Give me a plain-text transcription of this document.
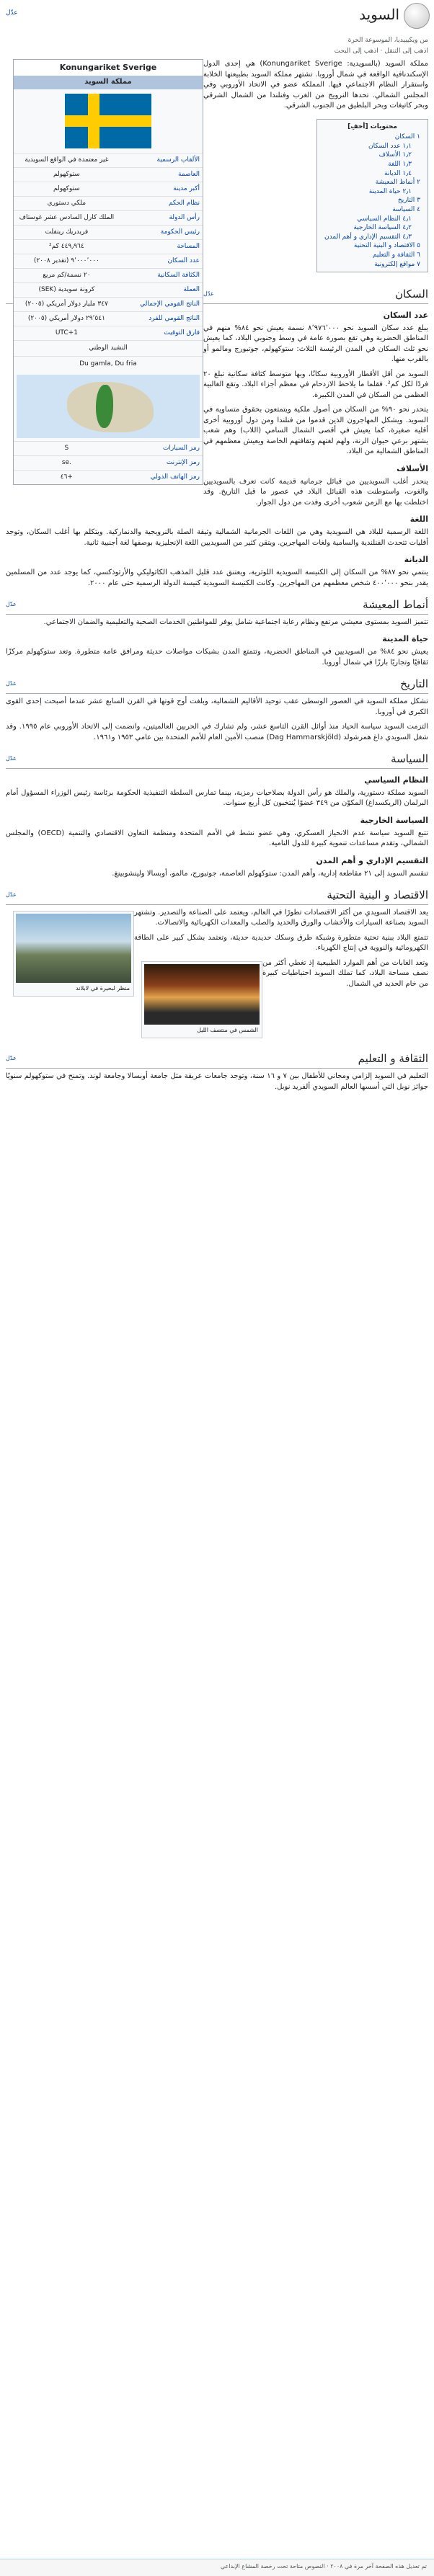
السويد
عدّل
من ويكيبيديا، الموسوعة الحرة
اذهب إلى التنقل · اذهب إلى البحث
Konungariket Sverige
مملكة السويد
الألقاب الرسمية	غير معتمدة في الواقع السويدية
العاصمة	ستوكهولم
أكبر مدينة	ستوكهولم
نظام الحكم	ملكي دستوري
رأس الدولة	الملك كارل السادس عشر غوستاف
رئيس الحكومة	فريدريك رينفلت
المساحة	٤٤٩٫٩٦٤ كم²
عدد السكان	٩٬٠٠٠٬٠٠٠ (تقدير ٢٠٠٨)
الكثافة السكانية	٢٠ نسمة/كم مربع
العملة	كرونة سويدية (SEK)
الناتج القومي الإجمالي	٣٤٧ مليار دولار أمريكي (٢٠٠٥)
الناتج القومي للفرد	٢٩٬٥٤١ دولار أمريكي (٢٠٠٥)
فارق التوقيت	UTC+1
النشيد الوطني
Du gamla, Du fria
رمز السيارات	S
رمز الإنترنت	.se
رمز الهاتف الدولي	+٤٦

مملكة السويد (بالسويدية: Konungariket Sverige) هي إحدى الدول الإسكندنافية الواقعة في شمال أوروبا. تشتهر مملكة السويد بطبيعتها الخلابة واستقرار النظام الاجتماعي فيها. المملكة عضو في الاتحاد الأوروبي وفي المجلس الشمالي. تحدها النرويج من الغرب وفنلندا من الشمال الشرقي وبحر كاتيغات وبحر البلطيق من الجنوب الشرقي.

محتويات [أخفِ]
١ السكان
١٫١ عدد السكان
١٫٢ الأسلاف
١٫٣ اللغة
١٫٤ الديانة
٢ أنماط المعيشة
٢٫١ حياة المدينة
٣ التاريخ
٤ السياسة
٤٫١ النظام السياسي
٤٫٢ السياسة الخارجية
٤٫٣ التقسيم الإداري و أهم المدن
٥ الاقتصاد و البنية التحتية
٦ الثقافة و التعليم
٧ مواقع إلكترونية
السكان
عدّل
عدد السكان

يبلغ عدد سكان السويد نحو ٨٬٩٧٦٬٠٠٠ نسمة يعيش نحو ٨٤% منهم في المناطق الحضرية وهي تقع بصورة عامة في وسط وجنوبي البلاد، كما يعيش نحو ثلث السكان في المدن الرئيسة الثلاث: ستوكهولم، جوتبورج ومالمو أو بالقرب منها.

السويد من أقل الأقطار الأوروبية سكانًا، وبها متوسط كثافة سكانية تبلغ ٢٠ فردًا لكل كم². فقلما ما يلاحظ الازدحام في معظم أجزاء البلاد. وتقع الغالبية العظمى من السكان في المدن الكبيرة.

يتحدر نحو ٩٠% من السكان من أصول ملكية ويتمتعون بحقوق متساوية في السويد. ويشكل المهاجرون الذين قدموا من فنلندا ومن دول أوروبية أخرى أقلية صغيرة، كما يعيش في أقصى الشمال السامي (اللاب) وهم شعب يشتهر برعي حيوان الرنة، ولهم لغتهم وثقافتهم الخاصة ويعيش معظمهم في المناطق الشمالية من البلاد.

الأسلاف

ينحدر أغلب السويديين من قبائل جرمانية قديمة كانت تعرف بالسويديين والغوت، واستوطنت هذه القبائل البلاد في عصور ما قبل التاريخ. وقد اختلطت بها مع الزمن شعوب أخرى وفدت من دول الجوار.

اللغة

اللغة الرسمية للبلاد هي السويدية وهي من اللغات الجرمانية الشمالية وثيقة الصلة بالنرويجية والدنماركية. ويتكلم بها أغلب السكان، وتوجد أقليات تتحدث الفنلندية والسامية ولغات المهاجرين. ويتقن كثير من السويديين اللغة الإنجليزية بوصفها لغة أجنبية ثانية.

الديانة

ينتمي نحو ٨٧% من السكان إلى الكنيسة السويدية اللوثرية، ويعتنق عدد قليل المذهب الكاثوليكي والأرثوذكسي، كما يوجد عدد من المسلمين يقدر بنحو ٤٠٠٬٠٠٠ شخص معظمهم من المهاجرين. وكانت الكنيسة السويدية كنيسة الدولة الرسمية حتى عام ٢٠٠٠.

أنماط المعيشة
عدّل

تتميز السويد بمستوى معيشي مرتفع ونظام رعاية اجتماعية شامل يوفر للمواطنين الخدمات الصحية والتعليمية والضمان الاجتماعي.

حياة المدينة

يعيش نحو ٨٤% من السويديين في المناطق الحضرية، وتتمتع المدن بشبكات مواصلات حديثة ومرافق عامة متطورة. وتعد ستوكهولم مركزًا ثقافيًا وتجاريًا بارزًا في شمال أوروبا.

التاريخ
عدّل

تشكل مملكة السويد في العصور الوسطى عقب توحيد الأقاليم الشمالية، وبلغت أوج قوتها في القرن السابع عشر عندما أصبحت إحدى القوى الكبرى في أوروبا.

التزمت السويد سياسة الحياد منذ أوائل القرن التاسع عشر، ولم تشارك في الحربين العالميتين، وانضمت إلى الاتحاد الأوروبي عام ١٩٩٥. وقد شغل السويدي داغ همرشولد (Dag Hammarskjöld) منصب الأمين العام للأمم المتحدة بين عامي ١٩٥٣ و١٩٦١.

السياسة
عدّل
النظام السياسي

السويد مملكة دستورية، والملك هو رأس الدولة بصلاحيات رمزية، بينما تمارس السلطة التنفيذية الحكومة برئاسة رئيس الوزراء المسؤول أمام البرلمان (الريكسداغ) المكوّن من ٣٤٩ عضوًا يُنتخبون كل أربع سنوات.

السياسة الخارجية

تتبع السويد سياسة عدم الانحياز العسكري، وهي عضو نشط في الأمم المتحدة ومنظمة التعاون الاقتصادي والتنمية (OECD) والمجلس الشمالي، وتقدم مساعدات تنموية كبيرة للدول النامية.

التقسيم الإداري و أهم المدن

تنقسم السويد إلى ٢١ مقاطعة إدارية، وأهم المدن: ستوكهولم العاصمة، جوتبورج، مالمو، أوبسالا ولينشوبينغ.

الاقتصاد و البنية التحتية
عدّل
منظر لبحيرة في لابلاند

يعد الاقتصاد السويدي من أكثر الاقتصادات تطورًا في العالم، ويعتمد على الصناعة والتصدير. وتشتهر السويد بصناعة السيارات والأخشاب والورق والحديد والصلب والمعدات الكهربائية والاتصالات.

تتمتع البلاد ببنية تحتية متطورة وشبكة طرق وسكك حديدية حديثة، وتعتمد بشكل كبير على الطاقة الكهرومائية والنووية في إنتاج الكهرباء.

الشمس في منتصف الليل

وتعد الغابات من أهم الموارد الطبيعية إذ تغطي أكثر من نصف مساحة البلاد، كما تملك السويد احتياطيات كبيرة من خام الحديد في الشمال.

الثقافة و التعليم
عدّل

التعليم في السويد إلزامي ومجاني للأطفال بين ٧ و ١٦ سنة، وتوجد جامعات عريقة مثل جامعة أوبسالا وجامعة لوند. وتمنح في ستوكهولم سنويًا جوائز نوبل التي أسسها العالم السويدي ألفريد نوبل.

تم تعديل هذه الصفحة آخر مرة في ٢٠٠٨ · النصوص متاحة تحت رخصة المشاع الإبداعي
